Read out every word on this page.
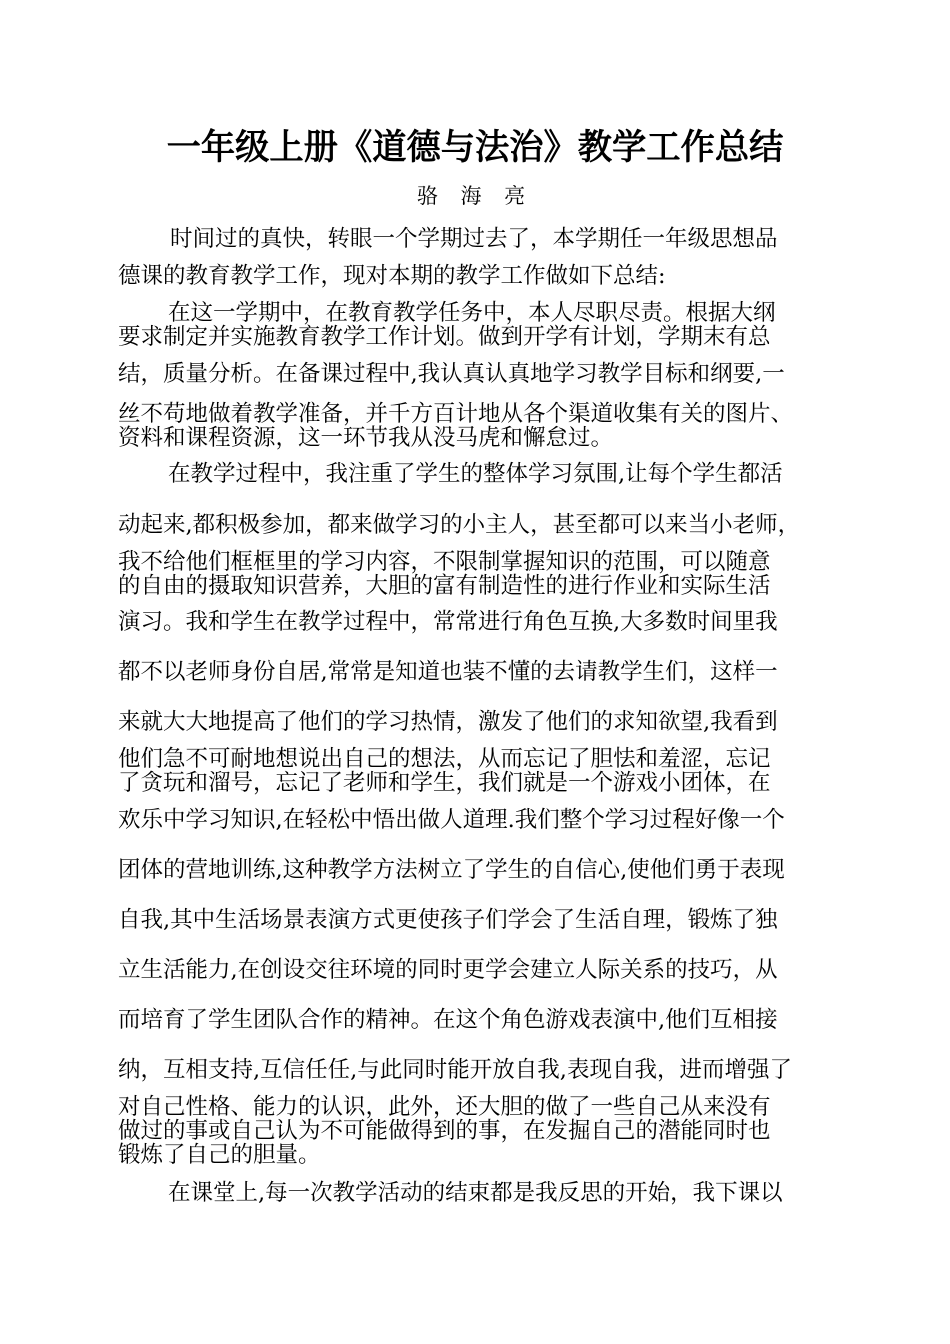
一年级上册《道德与法治》教学工作总结
骆 海 亮
时间过的真快，转眼一个学期过去了，本学期任一年级思想品
德课的教育教学工作，现对本期的教学工作做如下总结:
在这一学期中，在教育教学任务中，本人尽职尽责。根据大纲
要求制定并实施教育教学工作计划。做到开学有计划，学期末有总
结，质量分析。在备课过程中,我认真认真地学习教学目标和纲要,一
丝不苟地做着教学准备，并千方百计地从各个渠道收集有关的图片、
资料和课程资源，这一环节我从没马虎和懈怠过。
在教学过程中，我注重了学生的整体学习氛围,让每个学生都活
动起来,都积极参加，都来做学习的小主人，甚至都可以来当小老师，
我不给他们框框里的学习内容，不限制掌握知识的范围，可以随意
的自由的摄取知识营养，大胆的富有制造性的进行作业和实际生活
演习。我和学生在教学过程中，常常进行角色互换,大多数时间里我
都不以老师身份自居,常常是知道也装不懂的去请教学生们，这样一
来就大大地提高了他们的学习热情，激发了他们的求知欲望,我看到
他们急不可耐地想说出自己的想法，从而忘记了胆怯和羞涩，忘记
了贪玩和溜号，忘记了老师和学生，我们就是一个游戏小团体，在
欢乐中学习知识,在轻松中悟出做人道理.我们整个学习过程好像一个
团体的营地训练,这种教学方法树立了学生的自信心,使他们勇于表现
自我,其中生活场景表演方式更使孩子们学会了生活自理，锻炼了独
立生活能力,在创设交往环境的同时更学会建立人际关系的技巧，从
而培育了学生团队合作的精神。在这个角色游戏表演中,他们互相接
纳，互相支持,互信任任,与此同时能开放自我,表现自我，进而增强了
对自己性格、能力的认识，此外，还大胆的做了一些自己从来没有
做过的事或自己认为不可能做得到的事，在发掘自己的潜能同时也
锻炼了自己的胆量。
在课堂上,每一次教学活动的结束都是我反思的开始，我下课以
